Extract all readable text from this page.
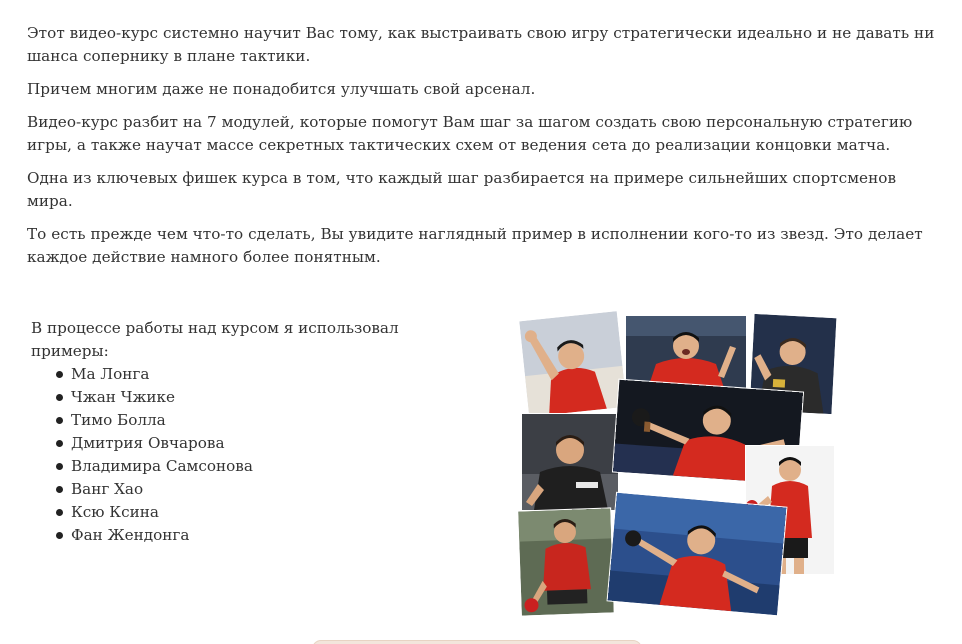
Этот видео-курс системно научит Вас тому, как выстраивать свою игру стратегически идеально и не давать ни шанса сопернику в плане тактики.

Причем многим даже не понадобится улучшать свой арсенал.

Видео-курс разбит на 7 модулей, которые помогут Вам шаг за шагом создать свою персональную стратегию игры, а также научат массе секретных тактических схем от ведения сета до реализации концовки матча.

Одна из ключевых фишек курса в том, что каждый шаг разбирается на примере сильнейших спортсменов мира.

То есть прежде чем что-то сделать, Вы увидите наглядный пример в исполнении кого-то из звезд. Это делает каждое действие намного более понятным.

В процессе работы над курсом я использовал примеры:

Ма Лонга
Чжан Чжике
Тимо Болла
Дмитрия Овчарова
Владимира Самсонова
Ванг Хао
Ксю Ксина
Фан Жендонга
